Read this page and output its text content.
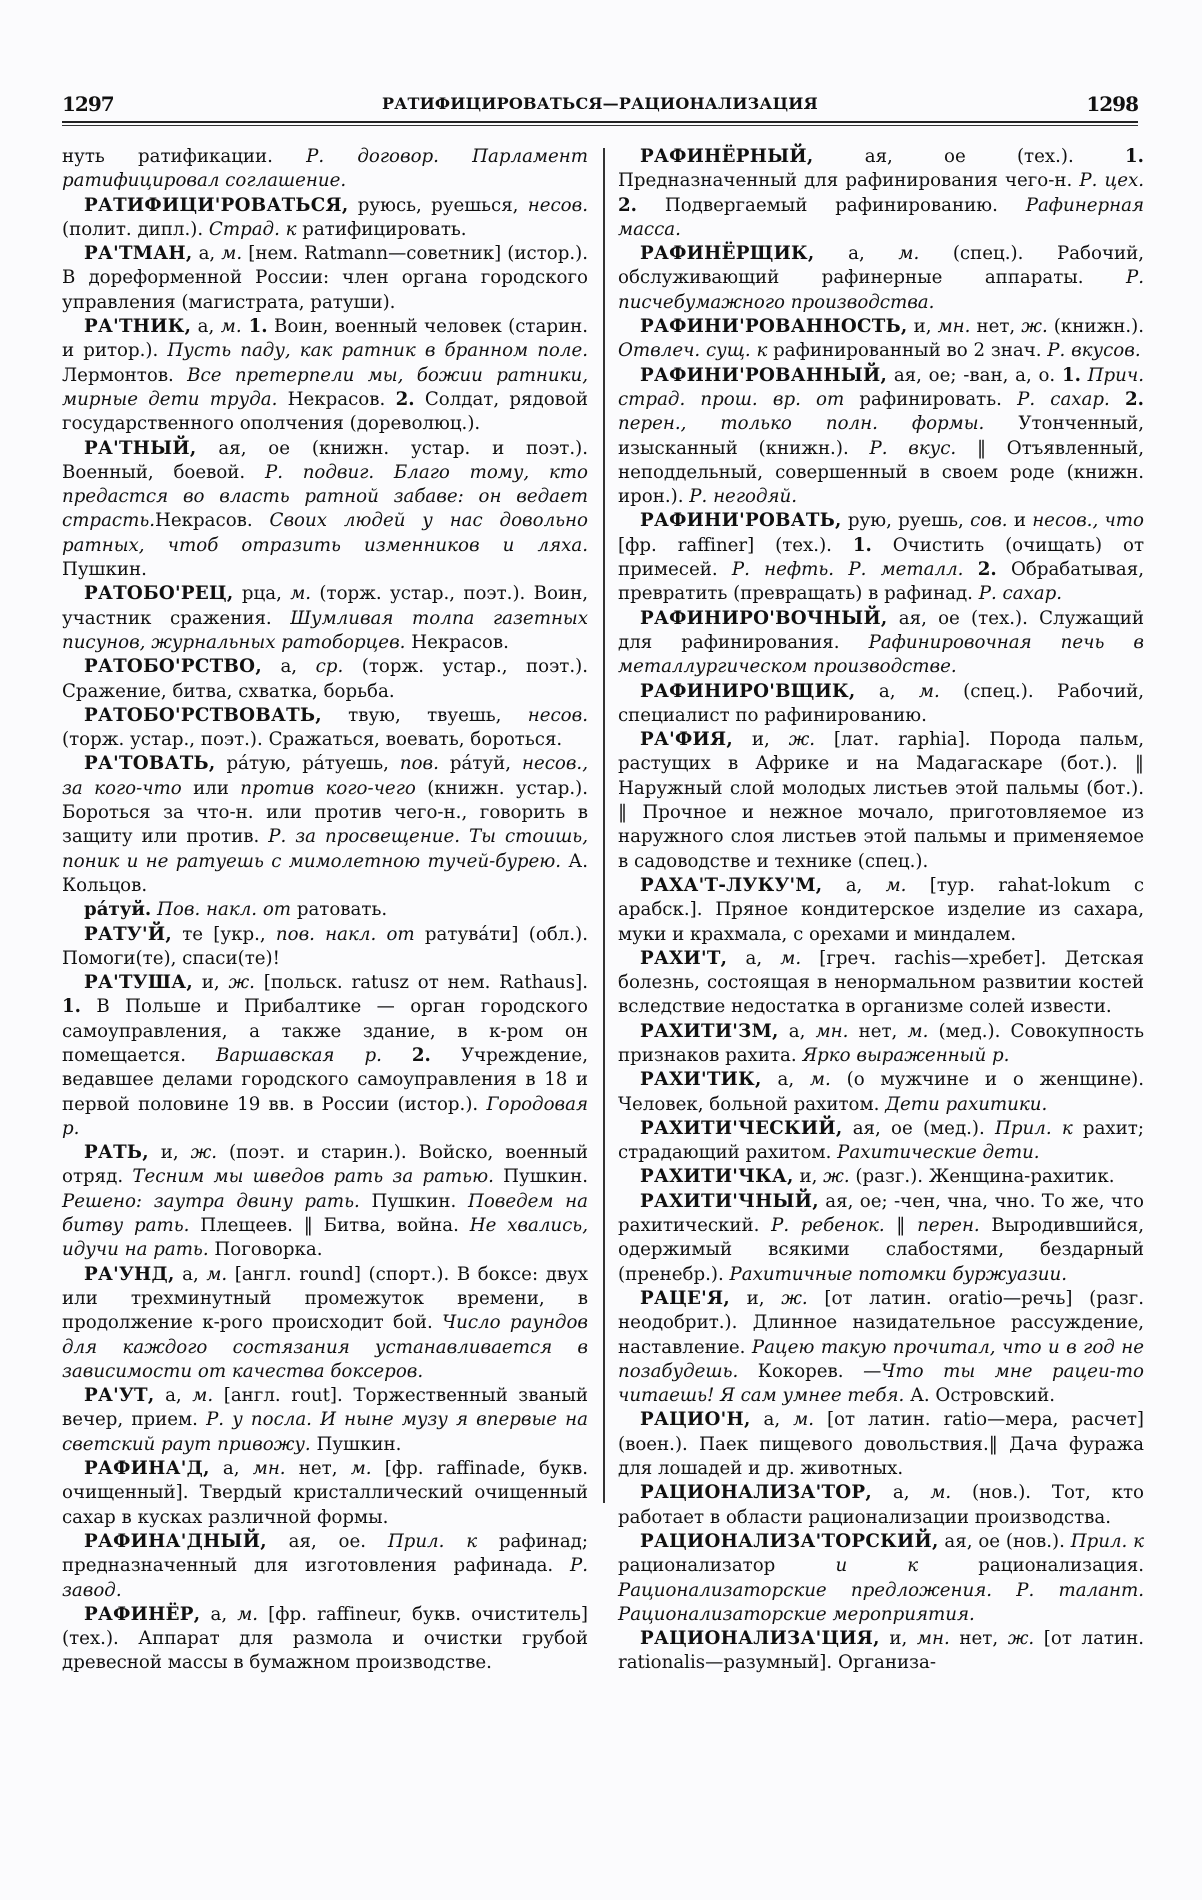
1297	РАТИФИЦИРОВАТЬСЯ—РАЦИОНАЛИЗАЦИЯ	1298

нуть ратификации. Р. договор. Парламент ратифицировал соглашение.

РАТИФИЦИ'РОВАТЬСЯ, руюсь, руешься, несов. (полит. дипл.). Страд. к ратифицировать.

РА'ТМАН, а, м. [нем. Ratmann—советник] (истор.). В дореформенной России: член органа городского управления (магистрата, ратуши).

РА'ТНИК, а, м. 1. Воин, военный человек (старин. и ритор.). Пусть паду, как ратник в бранном поле. Лермонтов. Все претерпели мы, божии ратники, мирные дети труда. Некрасов. 2. Солдат, рядовой государственного ополчения (дореволюц.).

РА'ТНЫЙ, ая, ое (книжн. устар. и поэт.). Военный, боевой. Р. подвиг. Благо тому, кто предастся во власть ратной забаве: он ведает страсть.Некрасов. Своих людей у нас довольно ратных, чтоб отразить изменников и ляха. Пушкин.

РАТОБО'РЕЦ, рца, м. (торж. устар., поэт.). Воин, участник сражения. Шумливая толпа газетных писунов, журнальных ратоборцев. Некрасов.

РАТОБО'РСТВО, а, ср. (торж. устар., поэт.). Сражение, битва, схватка, борьба.

РАТОБО'РСТВОВАТЬ, твую, твуешь, несов. (торж. устар., поэт.). Сражаться, воевать, бороться.

РА'ТОВАТЬ, ра́тую, ра́туешь, пов. ра́туй, несов., за кого-что или против кого-чего (книжн. устар.). Бороться за что-н. или против чего-н., говорить в защиту или против. Р. за просвещение. Ты стоишь, поник и не ратуешь с мимолетною тучей-бурею. А. Кольцов.

ра́туй. Пов. накл. от ратовать.

РАТУ'Й, те [укр., пов. накл. от ратува́ти] (обл.). Помоги(те), спаси(те)!

РА'ТУША, и, ж. [польск. ratusz от нем. Rathaus]. 1. В Польше и Прибалтике — орган городского самоуправления, а также здание, в к-ром он помещается. Варшавская р. 2. Учреждение, ведавшее делами городского самоуправления в 18 и первой половине 19 вв. в России (истор.). Городовая р.

РАТЬ, и, ж. (поэт. и старин.). Войско, военный отряд. Тесним мы шведов рать за ратью. Пушкин. Решено: заутра двину рать. Пушкин. Поведем на битву рать. Плещеев. ‖ Битва, война. Не хвались, идучи на рать. Поговорка.

РА'УНД, а, м. [англ. round] (спорт.). В боксе: двух или трехминутный промежуток времени, в продолжение к-рого происходит бой. Число раундов для каждого состязания устанавливается в зависимости от качества боксеров.

РА'УТ, а, м. [англ. rout]. Торжественный званый вечер, прием. Р. у посла. И ныне музу я впервые на светский раут привожу. Пушкин.

РАФИНА'Д, а, мн. нет, м. [фр. raffinade, букв. очищенный]. Твердый кристаллический очищенный сахар в кусках различной формы.

РАФИНА'ДНЫЙ, ая, ое. Прил. к рафинад; предназначенный для изготовления рафинада. Р. завод.

РАФИНЁР, а, м. [фр. raffineur, букв. очиститель] (тех.). Аппарат для размола и очистки грубой древесной массы в бумажном производстве.

РАФИНЁРНЫЙ, ая, ое (тех.). 1. Предназначенный для рафинирования чего-н. Р. цех. 2. Подвергаемый рафинированию. Рафинерная масса.

РАФИНЁРЩИК, а, м. (спец.). Рабочий, обслуживающий рафинерные аппараты. Р. писчебумажного производства.

РАФИНИ'РОВАННОСТЬ, и, мн. нет, ж. (книжн.). Отвлеч. сущ. к рафинированный во 2 знач. Р. вкусов.

РАФИНИ'РОВАННЫЙ, ая, ое; -ван, а, о. 1. Прич. страд. прош. вр. от рафинировать. Р. сахар. 2. перен., только полн. формы. Утонченный, изысканный (книжн.). Р. вкус. ‖ Отъявленный, неподдельный, совершенный в своем роде (книжн. ирон.). Р. негодяй.

РАФИНИ'РОВАТЬ, рую, руешь, сов. и несов., что [фр. raffiner] (тех.). 1. Очистить (очищать) от примесей. Р. нефть. Р. металл. 2. Обрабатывая, превратить (превращать) в рафинад. Р. сахар.

РАФИНИРО'ВОЧНЫЙ, ая, ое (тех.). Служащий для рафинирования. Рафинировочная печь в металлургическом производстве.

РАФИНИРО'ВЩИК, а, м. (спец.). Рабочий, специалист по рафинированию.

РА'ФИЯ, и, ж. [лат. raphia]. Порода пальм, растущих в Африке и на Мадагаскаре (бот.). ‖ Наружный слой молодых листьев этой пальмы (бот.). ‖ Прочное и нежное мочало, приготовляемое из наружного слоя листьев этой пальмы и применяемое в садоводстве и технике (спец.).

РАХА'Т-ЛУКУ'М, а, м. [тур. rahat-lokum с арабск.]. Пряное кондитерское изделие из сахара, муки и крахмала, с орехами и миндалем.

РАХИ'Т, а, м. [греч. rachis—хребет]. Детская болезнь, состоящая в ненормальном развитии костей вследствие недостатка в организме солей извести.

РАХИТИ'ЗМ, а, мн. нет, м. (мед.). Совокупность признаков рахита. Ярко выраженный р.

РАХИ'ТИК, а, м. (о мужчине и о женщине). Человек, больной рахитом. Дети рахитики.

РАХИТИ'ЧЕСКИЙ, ая, ое (мед.). Прил. к рахит; страдающий рахитом. Рахитические дети.

РАХИТИ'ЧКА, и, ж. (разг.). Женщина-рахитик.

РАХИТИ'ЧНЫЙ, ая, ое; -чен, чна, чно. То же, что рахитический. Р. ребенок. ‖ перен. Выродившийся, одержимый всякими слабостями, бездарный (пренебр.). Рахитичные потомки буржуазии.

РАЦЕ'Я, и, ж. [от латин. oratio—речь] (разг. неодобрит.). Длинное назидательное рассуждение, наставление. Рацею такую прочитал, что и в год не позабудешь. Кокорев. —Что ты мне рацеи-то читаешь! Я сам умнее тебя. А. Островский.

РАЦИО'Н, а, м. [от латин. ratio—мера, расчет] (воен.). Паек пищевого довольствия.‖ Дача фуража для лошадей и др. животных.

РАЦИОНАЛИЗА'ТОР, а, м. (нов.). Тот, кто работает в области рационализации производства.

РАЦИОНАЛИЗА'ТОРСКИЙ, ая, ое (нов.). Прил. к рационализатор и к рационализация. Рационализаторские предложения. Р. талант. Рационализаторские мероприятия.

РАЦИОНАЛИЗА'ЦИЯ, и, мн. нет, ж. [от латин. rationalis—разумный]. Организа-
